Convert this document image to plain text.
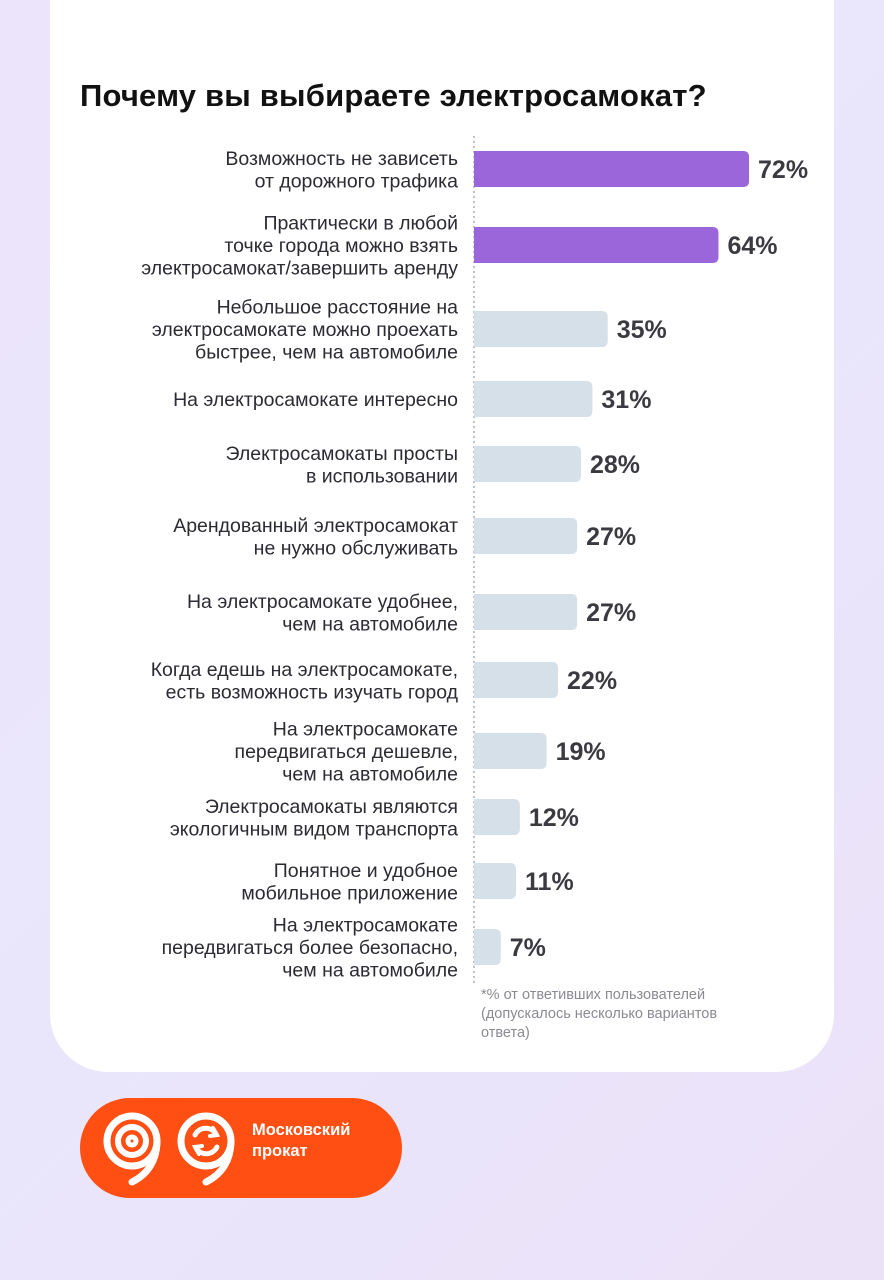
Почему вы выбираете электросамокат?
72%
Возможность не зависеть от дорожного трафика
64%
Практически в любой точке города можно взять электросамокат/завершить аренду
35%
Небольшое расстояние на электросамокате можно проехать быстрее, чем на автомобиле
31%
На электросамокате интересно
28%
Электросамокаты просты в использовании
27%
Арендованный электросамокат не нужно обслуживать
27%
На электросамокате удобнее, чем на автомобиле
22%
Когда едешь на электросамокате, есть возможность изучать город
19%
На электросамокате передвигаться дешевле, чем на автомобиле
12%
Электросамокаты являются экологичным видом транспорта
11%
Понятное и удобное мобильное приложение
7%
На электросамокате передвигаться более безопасно, чем на автомобиле

*% от ответивших пользователей
(допускалось несколько вариантов
ответа)

Московский
прокат
